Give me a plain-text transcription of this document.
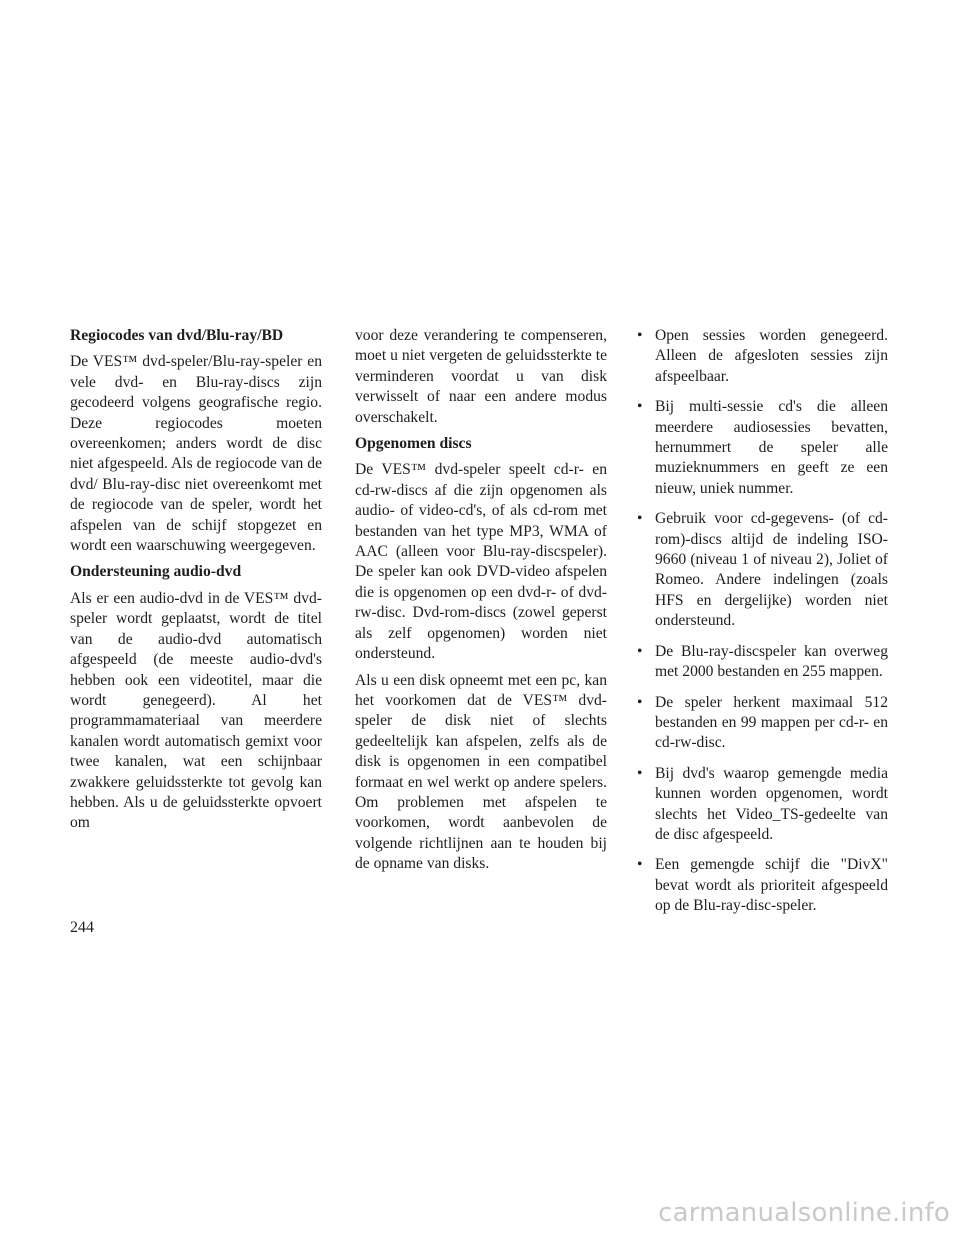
Regiocodes van dvd/Blu-ray/BD

De VES™ dvd-speler/Blu-ray-speler en vele dvd- en Blu-ray-discs zijn gecodeerd volgens geografische regio. Deze regiocodes moeten overeenkomen; anders wordt de disc niet afgespeeld. Als de regiocode van de dvd/ Blu-ray-disc niet overeenkomt met de regiocode van de speler, wordt het afspelen van de schijf stopgezet en wordt een waarschuwing weergegeven.

Ondersteuning audio-dvd

Als er een audio-dvd in de VES™ dvd-speler wordt geplaatst, wordt de titel van de audio-dvd automatisch afgespeeld (de meeste audio-dvd's hebben ook een videotitel, maar die wordt genegeerd). Al het programmamateriaal van meerdere kanalen wordt automatisch gemixt voor twee kanalen, wat een schijnbaar zwakkere geluidssterkte tot gevolg kan hebben. Als u de geluidssterkte opvoert om

voor deze verandering te compenseren, moet u niet vergeten de geluidssterkte te verminderen voordat u van disk verwisselt of naar een andere modus overschakelt.

Opgenomen discs

De VES™ dvd-speler speelt cd-r- en cd-rw-discs af die zijn opgenomen als audio- of video-cd's, of als cd-rom met bestanden van het type MP3, WMA of AAC (alleen voor Blu-ray-discspeler). De speler kan ook DVD-video afspelen die is opgenomen op een dvd-r- of dvd-rw-disc. Dvd-rom-discs (zowel geperst als zelf opgenomen) worden niet ondersteund.

Als u een disk opneemt met een pc, kan het voorkomen dat de VES™ dvd-speler de disk niet of slechts gedeeltelijk kan afspelen, zelfs als de disk is opgenomen in een compatibel formaat en wel werkt op andere spelers. Om problemen met afspelen te voorkomen, wordt aanbevolen de volgende richtlijnen aan te houden bij de opname van disks.

• Open sessies worden genegeerd. Alleen de afgesloten sessies zijn afspeelbaar.
• Bij multi-sessie cd's die alleen meerdere audiosessies bevatten, hernummert de speler alle muzieknummers en geeft ze een nieuw, uniek nummer.
• Gebruik voor cd-gegevens- (of cd-rom)-discs altijd de indeling ISO-9660 (niveau 1 of niveau 2), Joliet of Romeo. Andere indelingen (zoals HFS en dergelijke) worden niet ondersteund.
• De Blu-ray-discspeler kan overweg met 2000 bestanden en 255 mappen.
• De speler herkent maximaal 512 bestanden en 99 mappen per cd-r- en cd-rw-disc.
• Bij dvd's waarop gemengde media kunnen worden opgenomen, wordt slechts het Video_TS-gedeelte van de disc afgespeeld.
• Een gemengde schijf die "DivX" bevat wordt als prioriteit afgespeeld op de Blu-ray-disc-speler.
244
carmanualsonline.info
